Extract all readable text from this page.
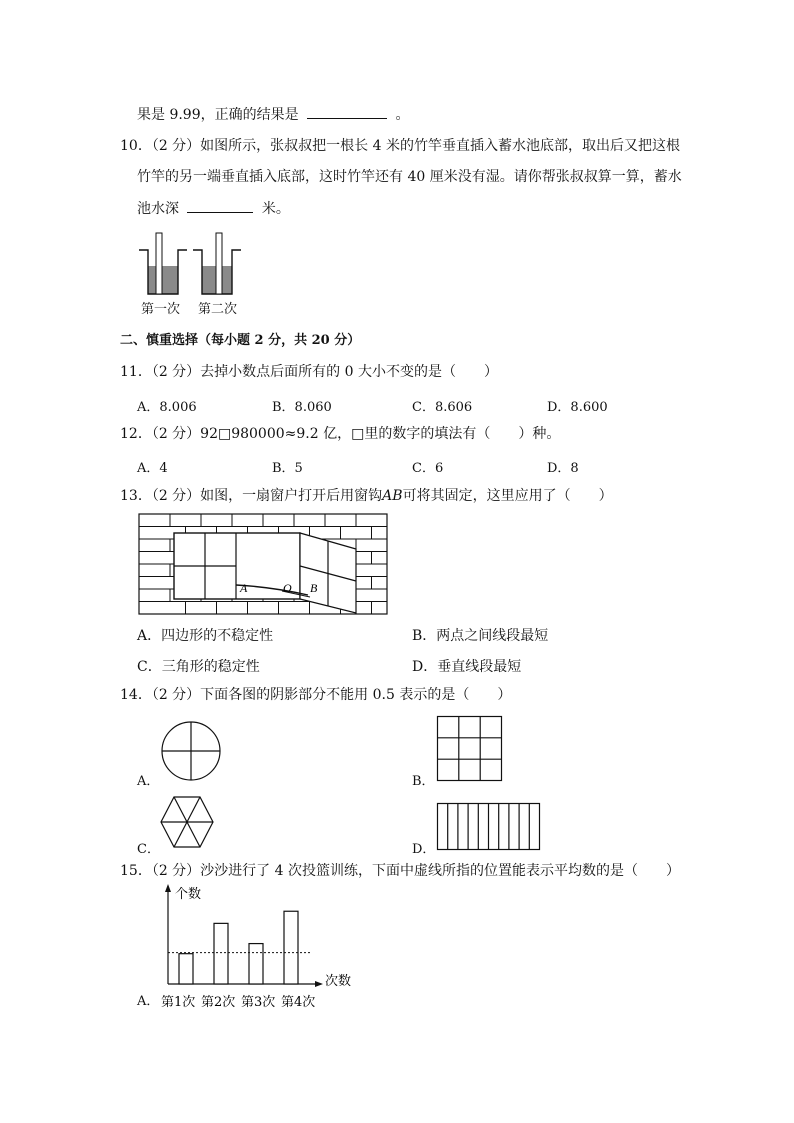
果是 9.99，正确的结果是	。
10．（2 分）如图所示，张叔叔把一根长 4 米的竹竿垂直插入蓄水池底部，取出后又把这根
竹竿的另一端垂直插入底部，这时竹竿还有 40 厘米没有湿。请你帮张叔叔算一算，蓄水
池水深	米。
第一次 第二次
二、慎重选择（每小题 2 分，共 20 分）
11．（2 分）去掉小数点后面所有的 0 大小不变的是（　　）
A．8.006	B．8.060	C．8.606	D．8.600
12．（2 分）92□980000≈9.2 亿，□里的数字的填法有（　　）种。
A．4	B．5	C．6	D．8
13．（2 分）如图，一扇窗户打开后用窗钩AB可将其固定，这里应用了（　　）
A	O B
A．四边形的不稳定性	B．两点之间线段最短
C．三角形的稳定性	D．垂直线段最短
14．（2 分）下面各图的阴影部分不能用 0.5 表示的是（　　）
A．	B．
C．	D．
15．（2 分）沙沙进行了 4 次投篮训练，下面中虚线所指的位置能表示平均数的是（　　）
A．
个数
次数
第1次 第2次 第3次 第4次
